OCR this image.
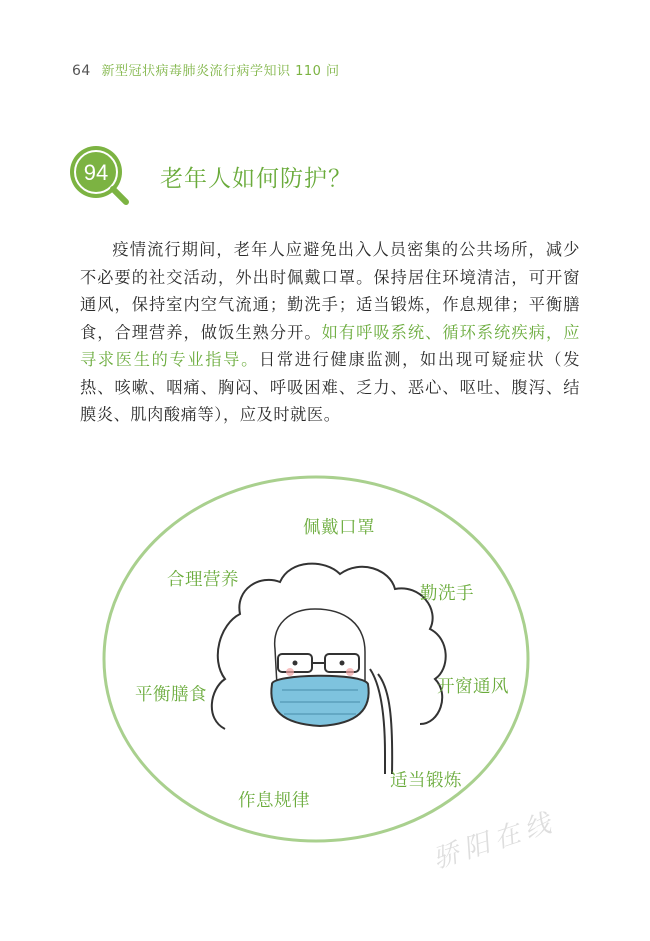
64 新型冠状病毒肺炎流行病学知识 110 问
94 老年人如何防护？
疫情流行期间，老年人应避免出入人员密集的公共场所，减少不必要的社交活动，外出时佩戴口罩。保持居住环境清洁，可开窗通风，保持室内空气流通；勤洗手；适当锻炼，作息规律；平衡膳食，合理营养，做饭生熟分开。如有呼吸系统、循环系统疾病，应寻求医生的专业指导。日常进行健康监测，如出现可疑症状（发热、咳嗽、咽痛、胸闷、呼吸困难、乏力、恶心、呕吐、腹泻、结膜炎、肌肉酸痛等），应及时就医。
佩戴口罩
合理营养
勤洗手
平衡膳食	开窗通风
适当锻炼
作息规律
骄阳在线
